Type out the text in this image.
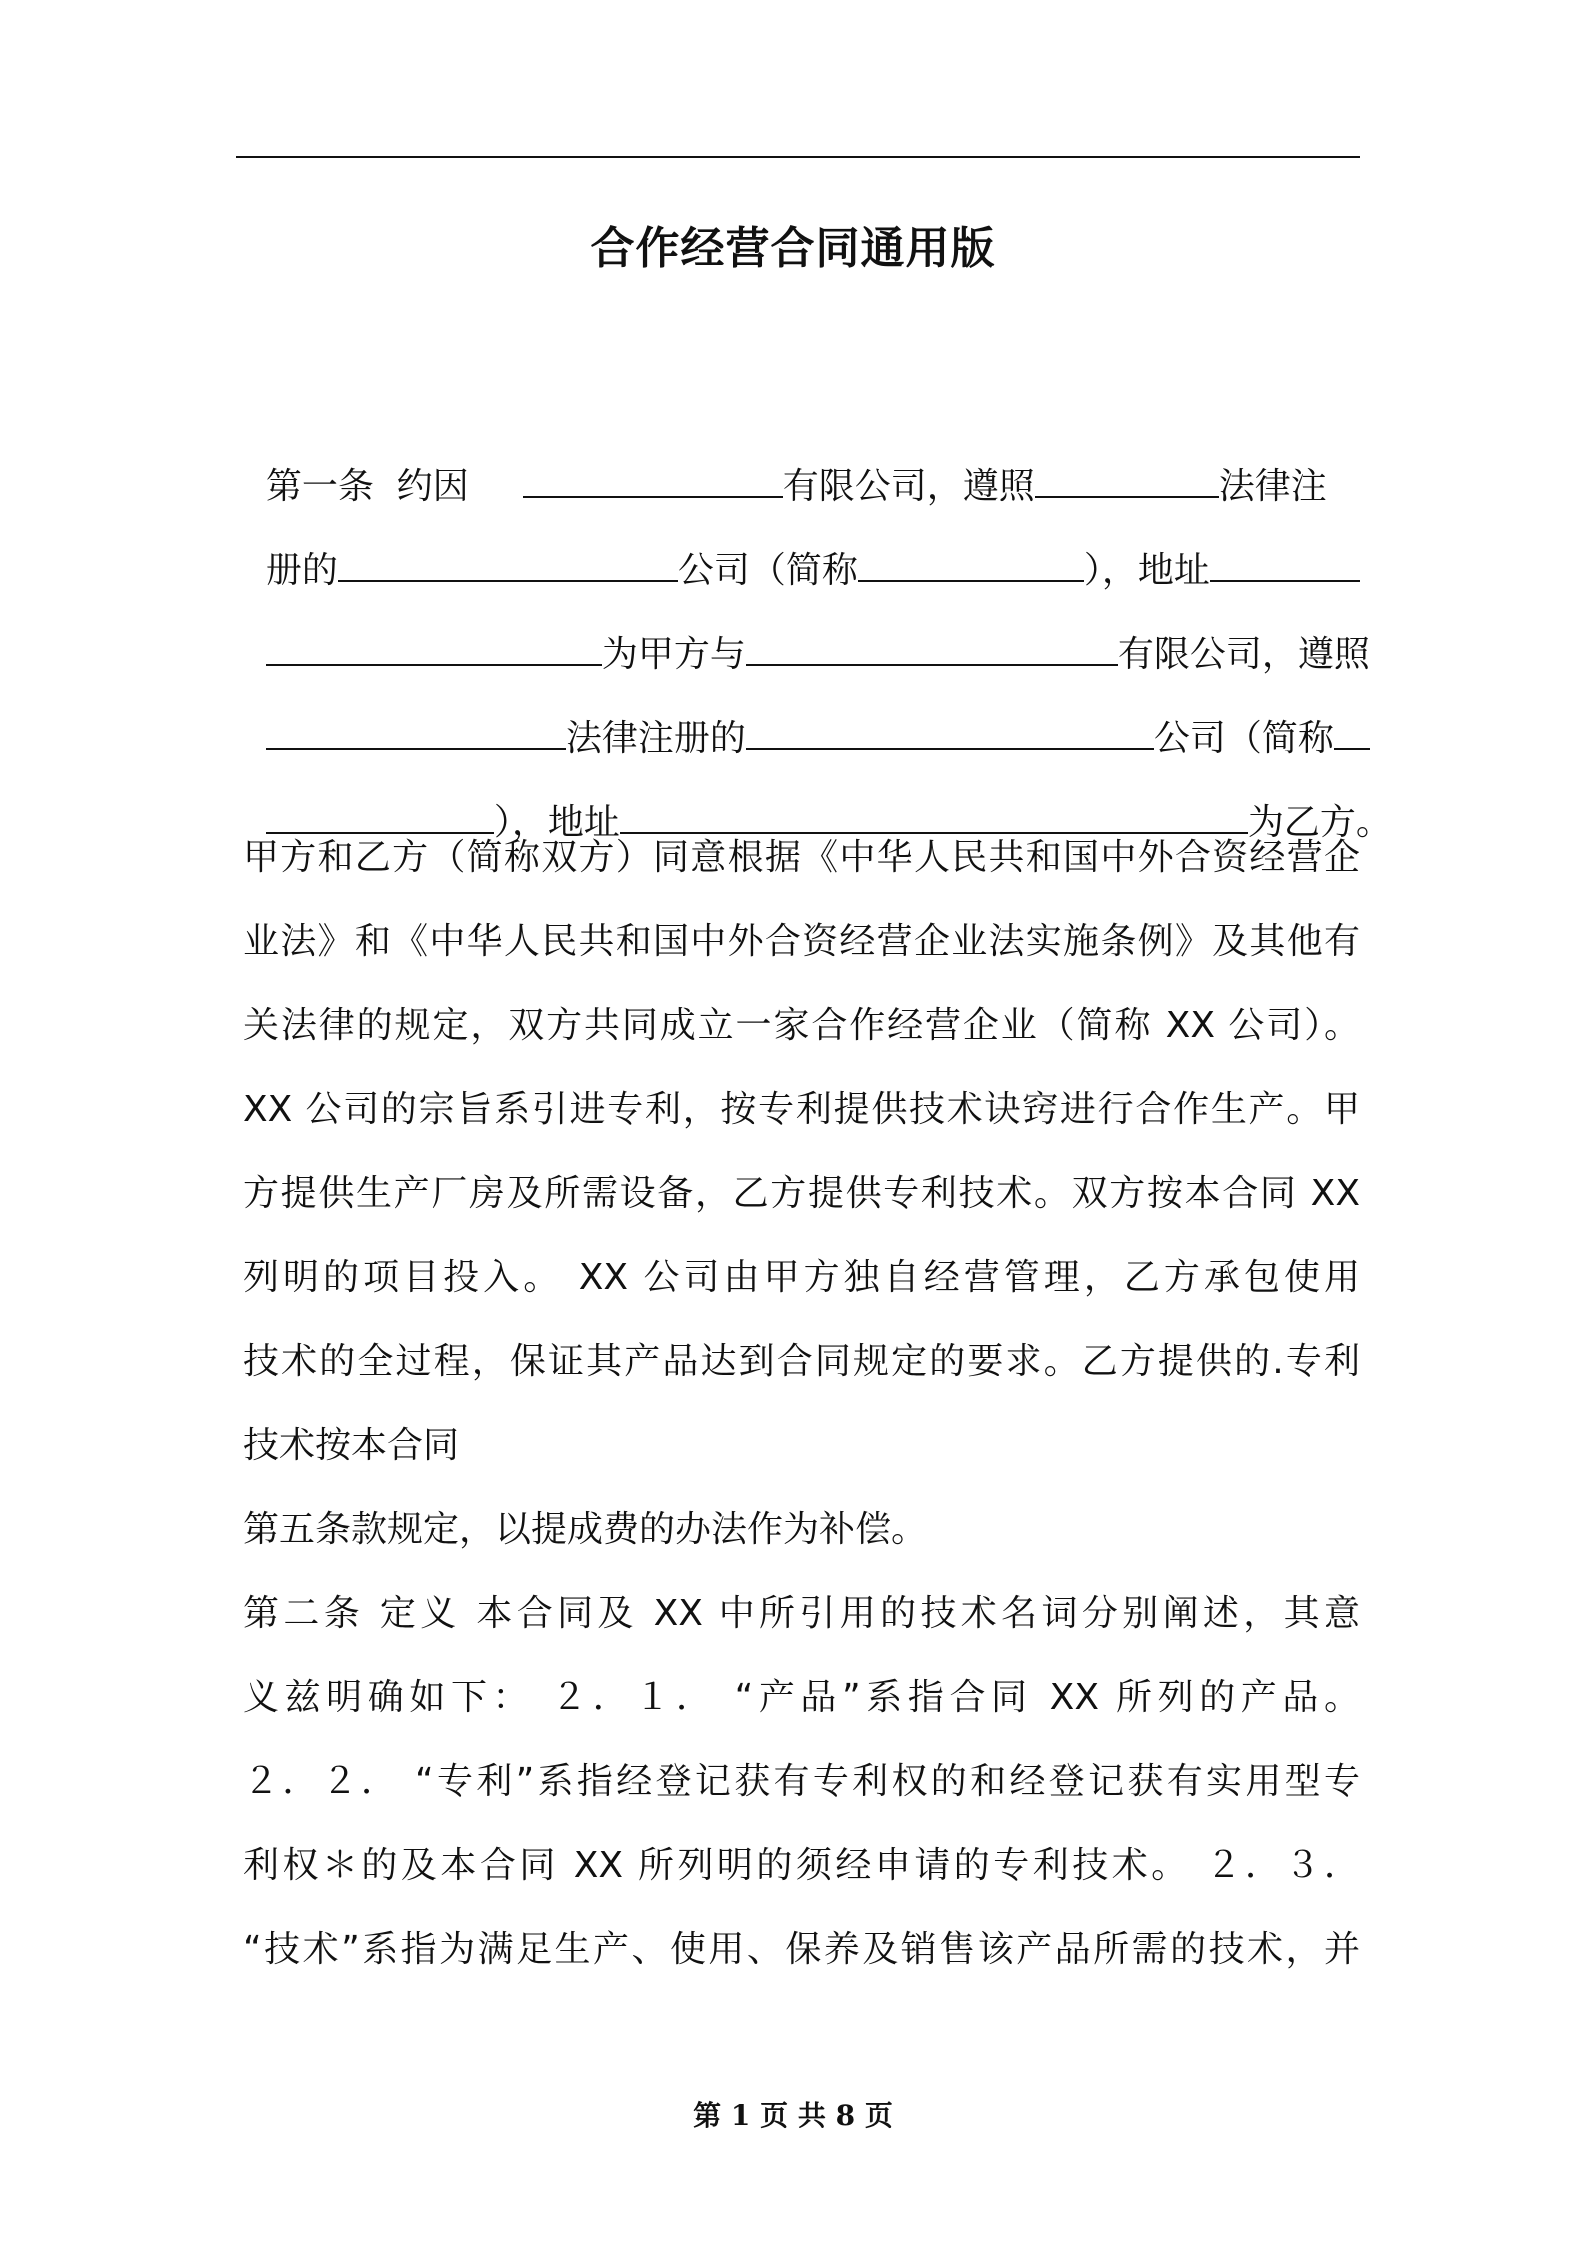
合作经营合同通用版

第一条  约因	有限公司，遵照	法律注

册的	公司（简称	），地址

为甲方与	有限公司，遵照

法律注册的	公司（简称

），地址	为乙方。

甲方和乙方（简称双方）同意根据《中华人民共和国中外合资经营企
业法》和《中华人民共和国中外合资经营企业法实施条例》及其他有
关法律的规定，双方共同成立一家合作经营企业（简称 XX 公司）。
XX 公司的宗旨系引进专利，按专利提供技术诀窍进行合作生产。甲
方提供生产厂房及所需设备，乙方提供专利技术。双方按本合同 XX
列明的项目投入。 XX 公司由甲方独自经营管理，乙方承包使用
技术的全过程，保证其产品达到合同规定的要求。乙方提供的.专利
技术按本合同
第五条款规定，以提成费的办法作为补偿。
第二条 定义 本合同及 XX 中所引用的技术名词分别阐述，其意
义兹明确如下： ２．１． “产品”系指合同 XX 所列的产品。
２．２． “专利”系指经登记获有专利权的和经登记获有实用型专
利权＊的及本合同 XX 所列明的须经申请的专利技术。 ２．３．
“技术”系指为满足生产、使用、保养及销售该产品所需的技术，并
第 1 页 共 8 页
